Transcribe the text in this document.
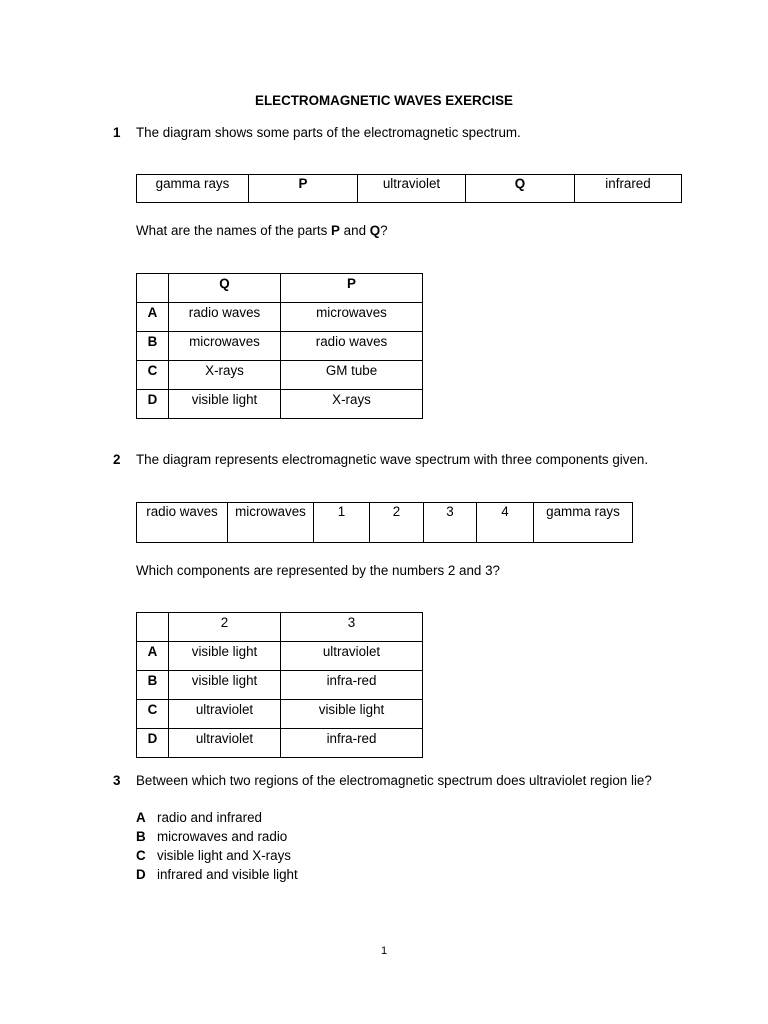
ELECTROMAGNETIC WAVES EXERCISE
1 The diagram shows some parts of the electromagnetic spectrum.
gamma rays	P	ultraviolet	Q	infrared
What are the names of the parts P and Q?
	Q	P
A	radio waves	microwaves
B	microwaves	radio waves
C	X-rays	GM tube
D	visible light	X-rays
2 The diagram represents electromagnetic wave spectrum with three components given.
radio waves	microwaves	1	2	3	4	gamma rays
Which components are represented by the numbers 2 and 3?
	2	3
A	visible light	ultraviolet
B	visible light	infra-red
C	ultraviolet	visible light
D	ultraviolet	infra-red
3 Between which two regions of the electromagnetic spectrum does ultraviolet region lie?
A radio and infrared
B microwaves and radio
C visible light and X-rays
D infrared and visible light
1
